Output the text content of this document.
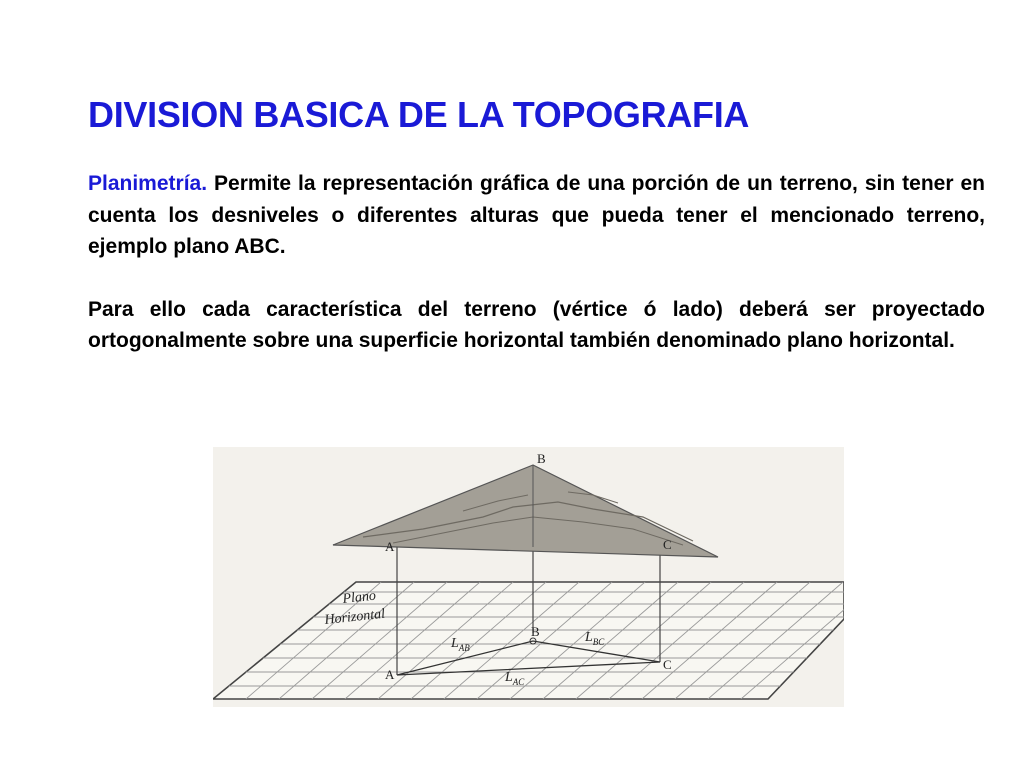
DIVISION BASICA DE LA TOPOGRAFIA

Planimetría. Permite la representación gráfica de una porción de un terreno, sin tener en cuenta los desniveles o diferentes alturas que pueda tener el mencionado terreno, ejemplo plano ABC.

Para ello cada característica del terreno (vértice ó lado) deberá ser proyectado ortogonalmente sobre una superficie horizontal también denominado plano horizontal.

Plano
Horizontal
B
A	C
B
A
C
$L_{AB}$
$L_{BC}$
$L_{AC}$
